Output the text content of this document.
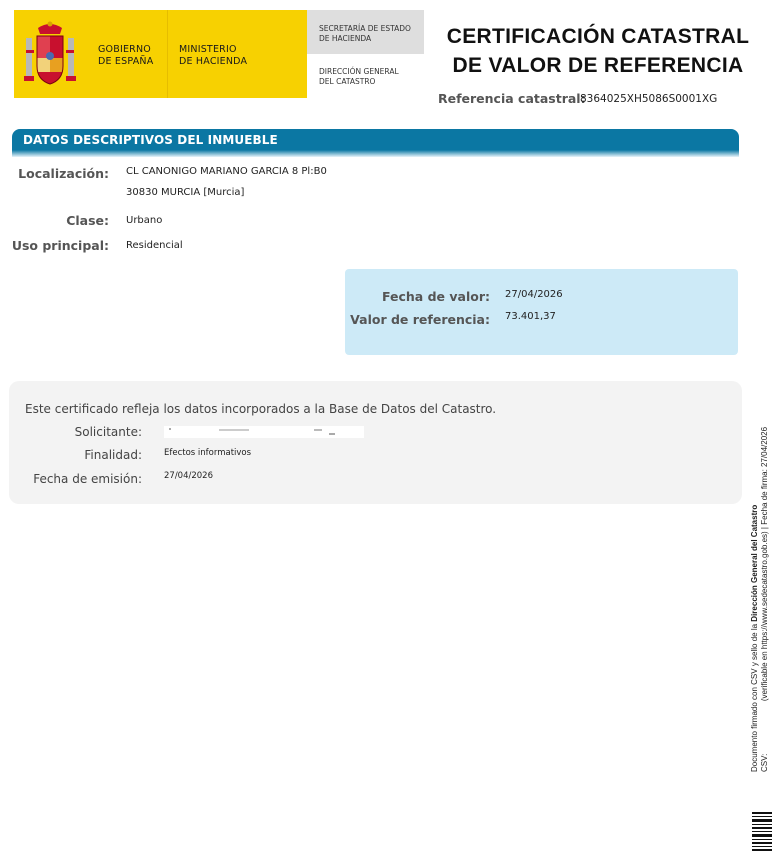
GOBIERNO
DE ESPAÑA
MINISTERIO
DE HACIENDA
SECRETARÍA DE ESTADO
DE HACIENDA
DIRECCIÓN GENERAL
DEL CATASTRO
CERTIFICACIÓN CATASTRAL
DE VALOR DE REFERENCIA
Referencia catastral:
8364025XH5086S0001XG
DATOS DESCRIPTIVOS DEL INMUEBLE
Localización: CL CANONIGO MARIANO GARCIA 8 Pl:B0
30830 MURCIA [Murcia]
Clase: Urbano
Uso principal: Residencial
Fecha de valor: 27/04/2026
Valor de referencia: 73.401,37
Este certificado refleja los datos incorporados a la Base de Datos del Catastro.
Solicitante:
Finalidad:	Efectos informativos
Fecha de emisión:	27/04/2026
Documento firmado con CSV y sello de la Dirección General del Catastro
CSV:  (verificable en https://www.sedecatastro.gob.es) | Fecha de firma: 27/04/2026
